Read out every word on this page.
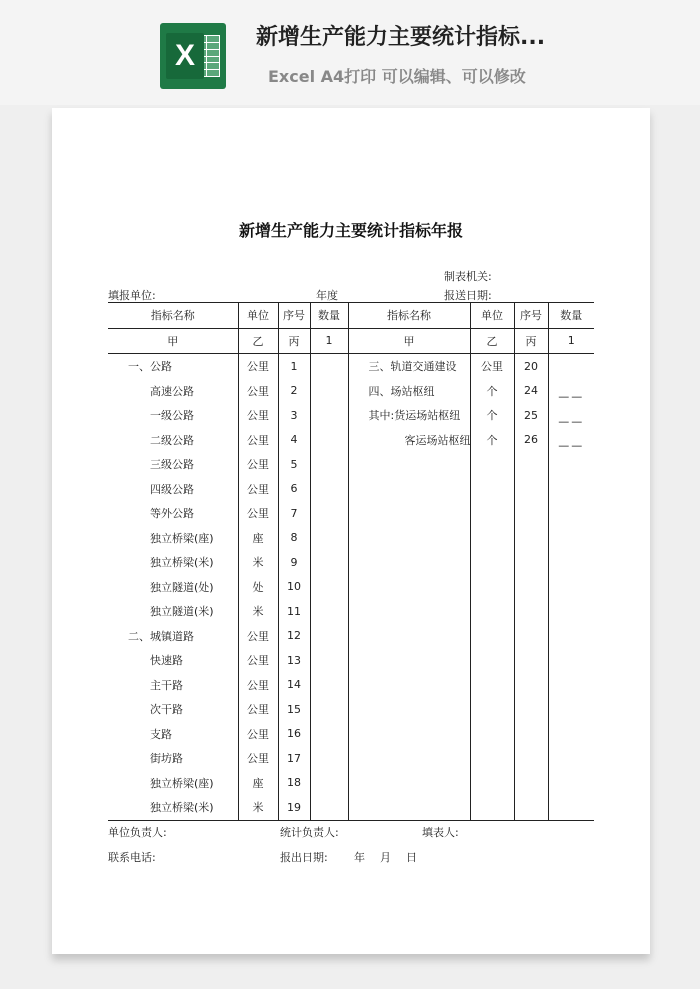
X
新增生产能力主要统计指标...
Excel A4打印 可以编辑、可以修改
新增生产能力主要统计指标年报
制表机关:
填报单位:	年度	报送日期:
指标名称	单位	序号	数量	指标名称	单位	序号	数量
甲	乙	丙	1	甲	乙	丙	1
一、公路	公里	1		三、轨道交通建设	公里	20	
高速公路	公里	2		四、场站枢纽	个	24	——
一级公路	公里	3		其中:货运场站枢纽	个	25	——
二级公路	公里	4		客运场站枢纽	个	26	——
三级公路	公里	5					
四级公路	公里	6					
等外公路	公里	7					
独立桥梁(座)	座	8					
独立桥梁(米)	米	9					
独立隧道(处)	处	10					
独立隧道(米)	米	11					
二、城镇道路	公里	12					
快速路	公里	13					
主干路	公里	14					
次干路	公里	15					
支路	公里	16					
街坊路	公里	17					
独立桥梁(座)	座	18					
独立桥梁(米)	米	19					
单位负责人:	统计负责人:	填表人:
联系电话:	报出日期: 年 月 日
